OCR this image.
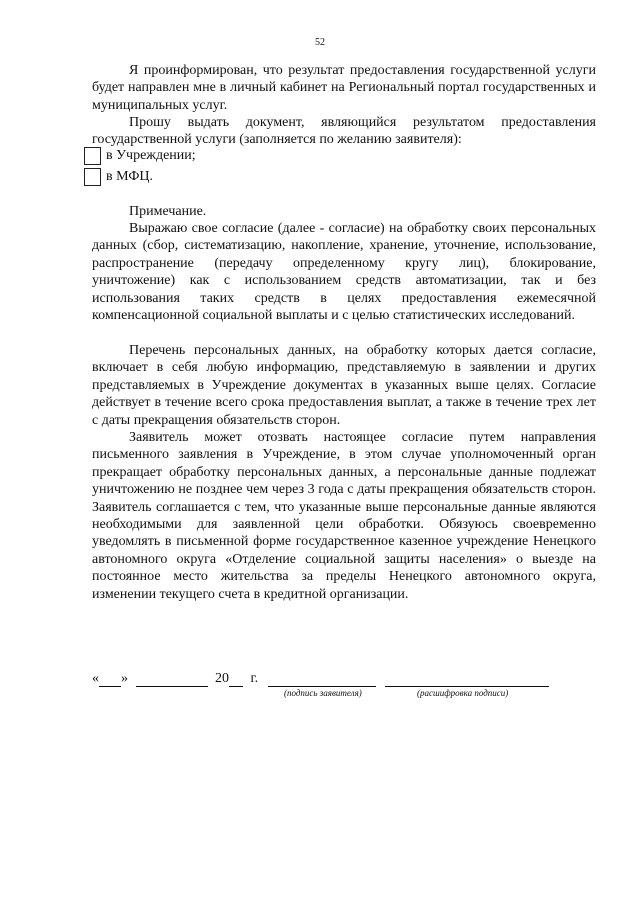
52

Я проинформирован, что результат предоставления государственной услуги будет направлен мне в личный кабинет на Региональный портал государственных и муниципальных услуг.

Прошу выдать документ, являющийся результатом предоставления государственной услуги (заполняется по желанию заявителя):

в Учреждении;
в МФЦ.
Примечание.

Выражаю свое согласие (далее - согласие) на обработку своих персональных данных (сбор, систематизацию, накопление, хранение, уточнение, использование, распространение (передачу определенному кругу лиц), блокирование, уничтожение) как с использованием средств автоматизации, так и без использования таких средств в целях предоставления ежемесячной компенсационной социальной выплаты и с целью статистических исследований.

Перечень персональных данных, на обработку которых дается согласие, включает в себя любую информацию, представляемую в заявлении и других представляемых в Учреждение документах в указанных выше целях. Согласие действует в течение всего срока предоставления выплат, а также в течение трех лет с даты прекращения обязательств сторон.

Заявитель может отозвать настоящее согласие путем направления письменного заявления в Учреждение, в этом случае уполномоченный орган прекращает обработку персональных данных, а персональные данные подлежат уничтожению не позднее чем через 3 года с даты прекращения обязательств сторон. Заявитель соглашается с тем, что указанные выше персональные данные являются необходимыми для заявленной цели обработки. Обязуюсь своевременно уведомлять в письменной форме государственное казенное учреждение Ненецкого автономного округа «Отделение социальной защиты населения» о выезде на постоянное место жительства за пределы Ненецкого автономного округа, изменении текущего счета в кредитной организации.

« »	20 г.
(подпись заявителя)	(расшифровка подписи)
